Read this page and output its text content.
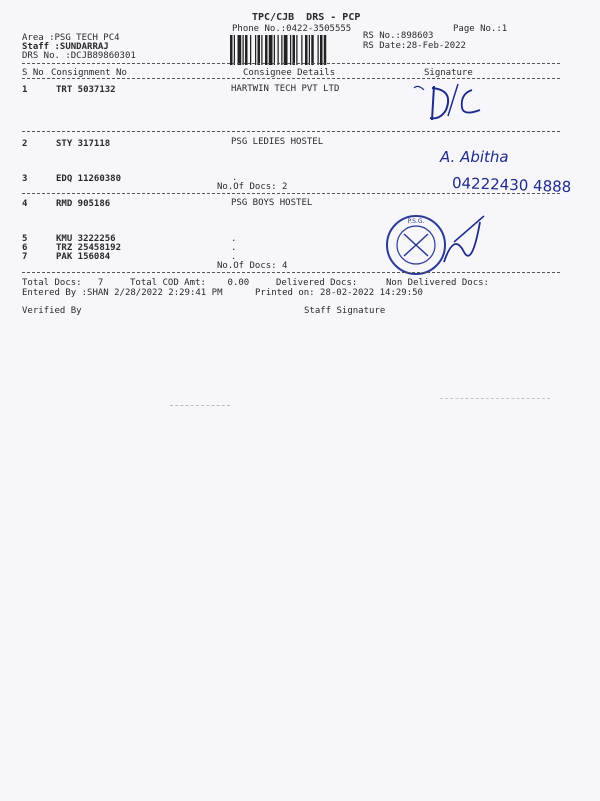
TPC/CJB  DRS - PCP
Phone No.:0422-3505555	Page No.:1
Area :PSG TECH PC4
Staff :SUNDARRAJ
DRS No. :DCJB89860301
RS No.:898603
RS Date:28-Feb-2022
S No Consignment No	Consignee Details	Signature
1	TRT 5037132	HARTWIN TECH PVT LTD
2	STY 317118	PSG LEDIES HOSTEL
A. Abitha
04222430 4888
3	EDQ 11260380	.
No.Of Docs: 2
4	RMD 905186	PSG BOYS HOSTEL
5	KMU 3222256	.
6	TRZ 25458192	.
7	PAK 156084	.
No.Of Docs: 4
P.S.G.
Total Docs:   7	Total COD Amt:    0.00	Delivered Docs:	Non Delivered Docs:
Entered By :SHAN 2/28/2022 2:29:41 PM	Printed on: 28-02-2022 14:29:50
Verified By	Staff Signature
